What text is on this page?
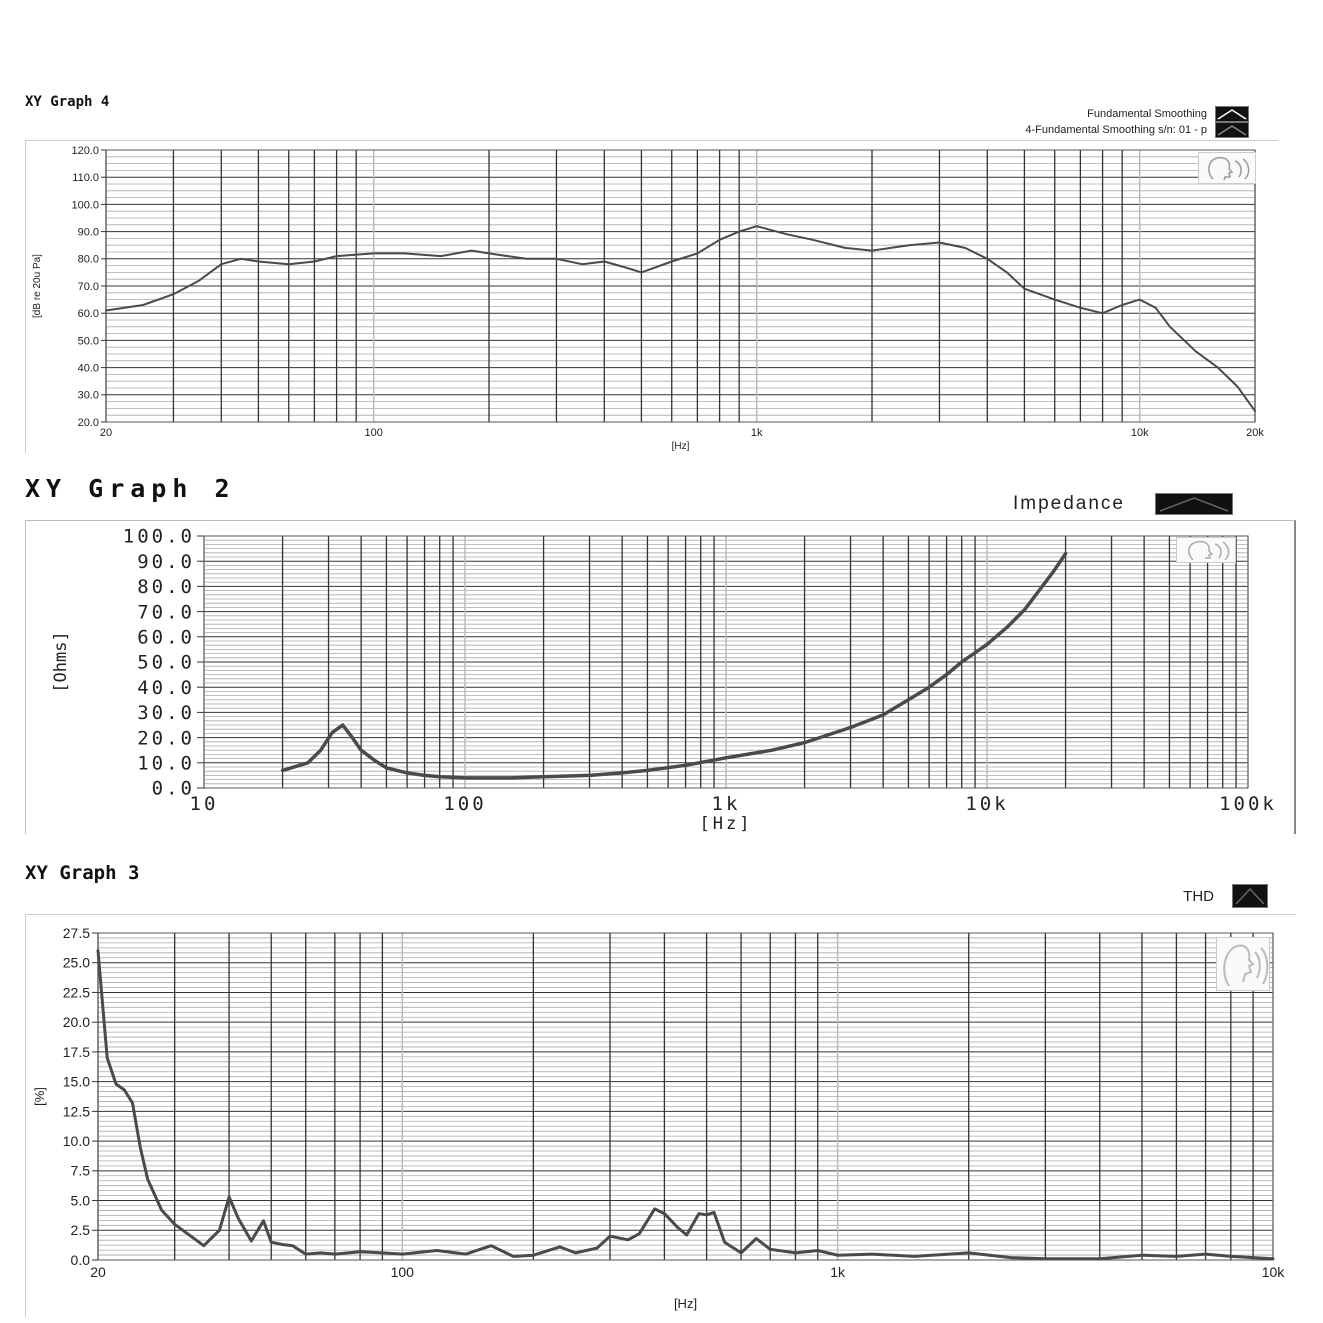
XY Graph 4
Fundamental Smoothing
4-Fundamental Smoothing s/n: 01 - p
20.0
30.0
40.0
50.0
60.0
70.0
80.0
90.0
100.0
110.0
120.0
20	100	1k	10k	20k
[Hz]
[dB re 20u Pa]
XY Graph 2
Impedance
0.0
10.0
20.0
30.0
40.0
50.0
60.0
70.0
80.0
90.0
100.0
10	100	1k	10k	100k
[Hz]
[Ohms]
XY Graph 3
THD
0.0
2.5
5.0
7.5
10.0
12.5
15.0
17.5
20.0
22.5
25.0
27.5
20	100	1k	10k
[Hz]
[%]
